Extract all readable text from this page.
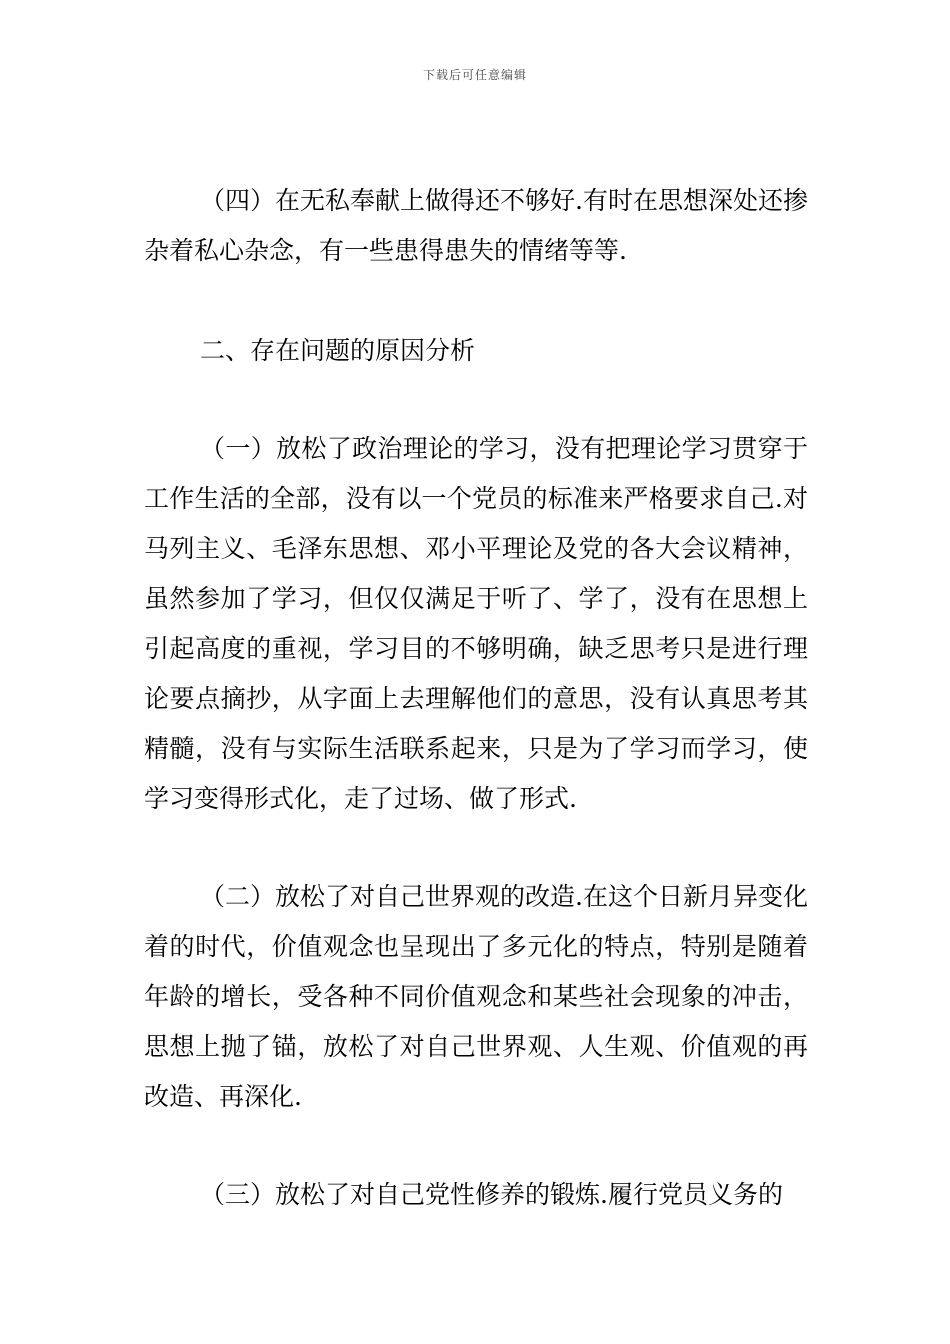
下载后可任意编辑

（四）在无私奉献上做得还不够好.有时在思想深处还掺杂着私心杂念，有一些患得患失的情绪等等.

二、存在问题的原因分析

（一）放松了政治理论的学习，没有把理论学习贯穿于工作生活的全部，没有以一个党员的标准来严格要求自己.对马列主义、毛泽东思想、邓小平理论及党的各大会议精神，虽然参加了学习，但仅仅满足于听了、学了，没有在思想上引起高度的重视，学习目的不够明确，缺乏思考只是进行理论要点摘抄，从字面上去理解他们的意思，没有认真思考其精髓，没有与实际生活联系起来，只是为了学习而学习，使学习变得形式化，走了过场、做了形式.

（二）放松了对自己世界观的改造.在这个日新月异变化着的时代，价值观念也呈现出了多元化的特点，特别是随着年龄的增长，受各种不同价值观念和某些社会现象的冲击，思想上抛了锚，放松了对自己世界观、人生观、价值观的再改造、再深化.

（三）放松了对自己党性修养的锻炼.履行党员义务的
